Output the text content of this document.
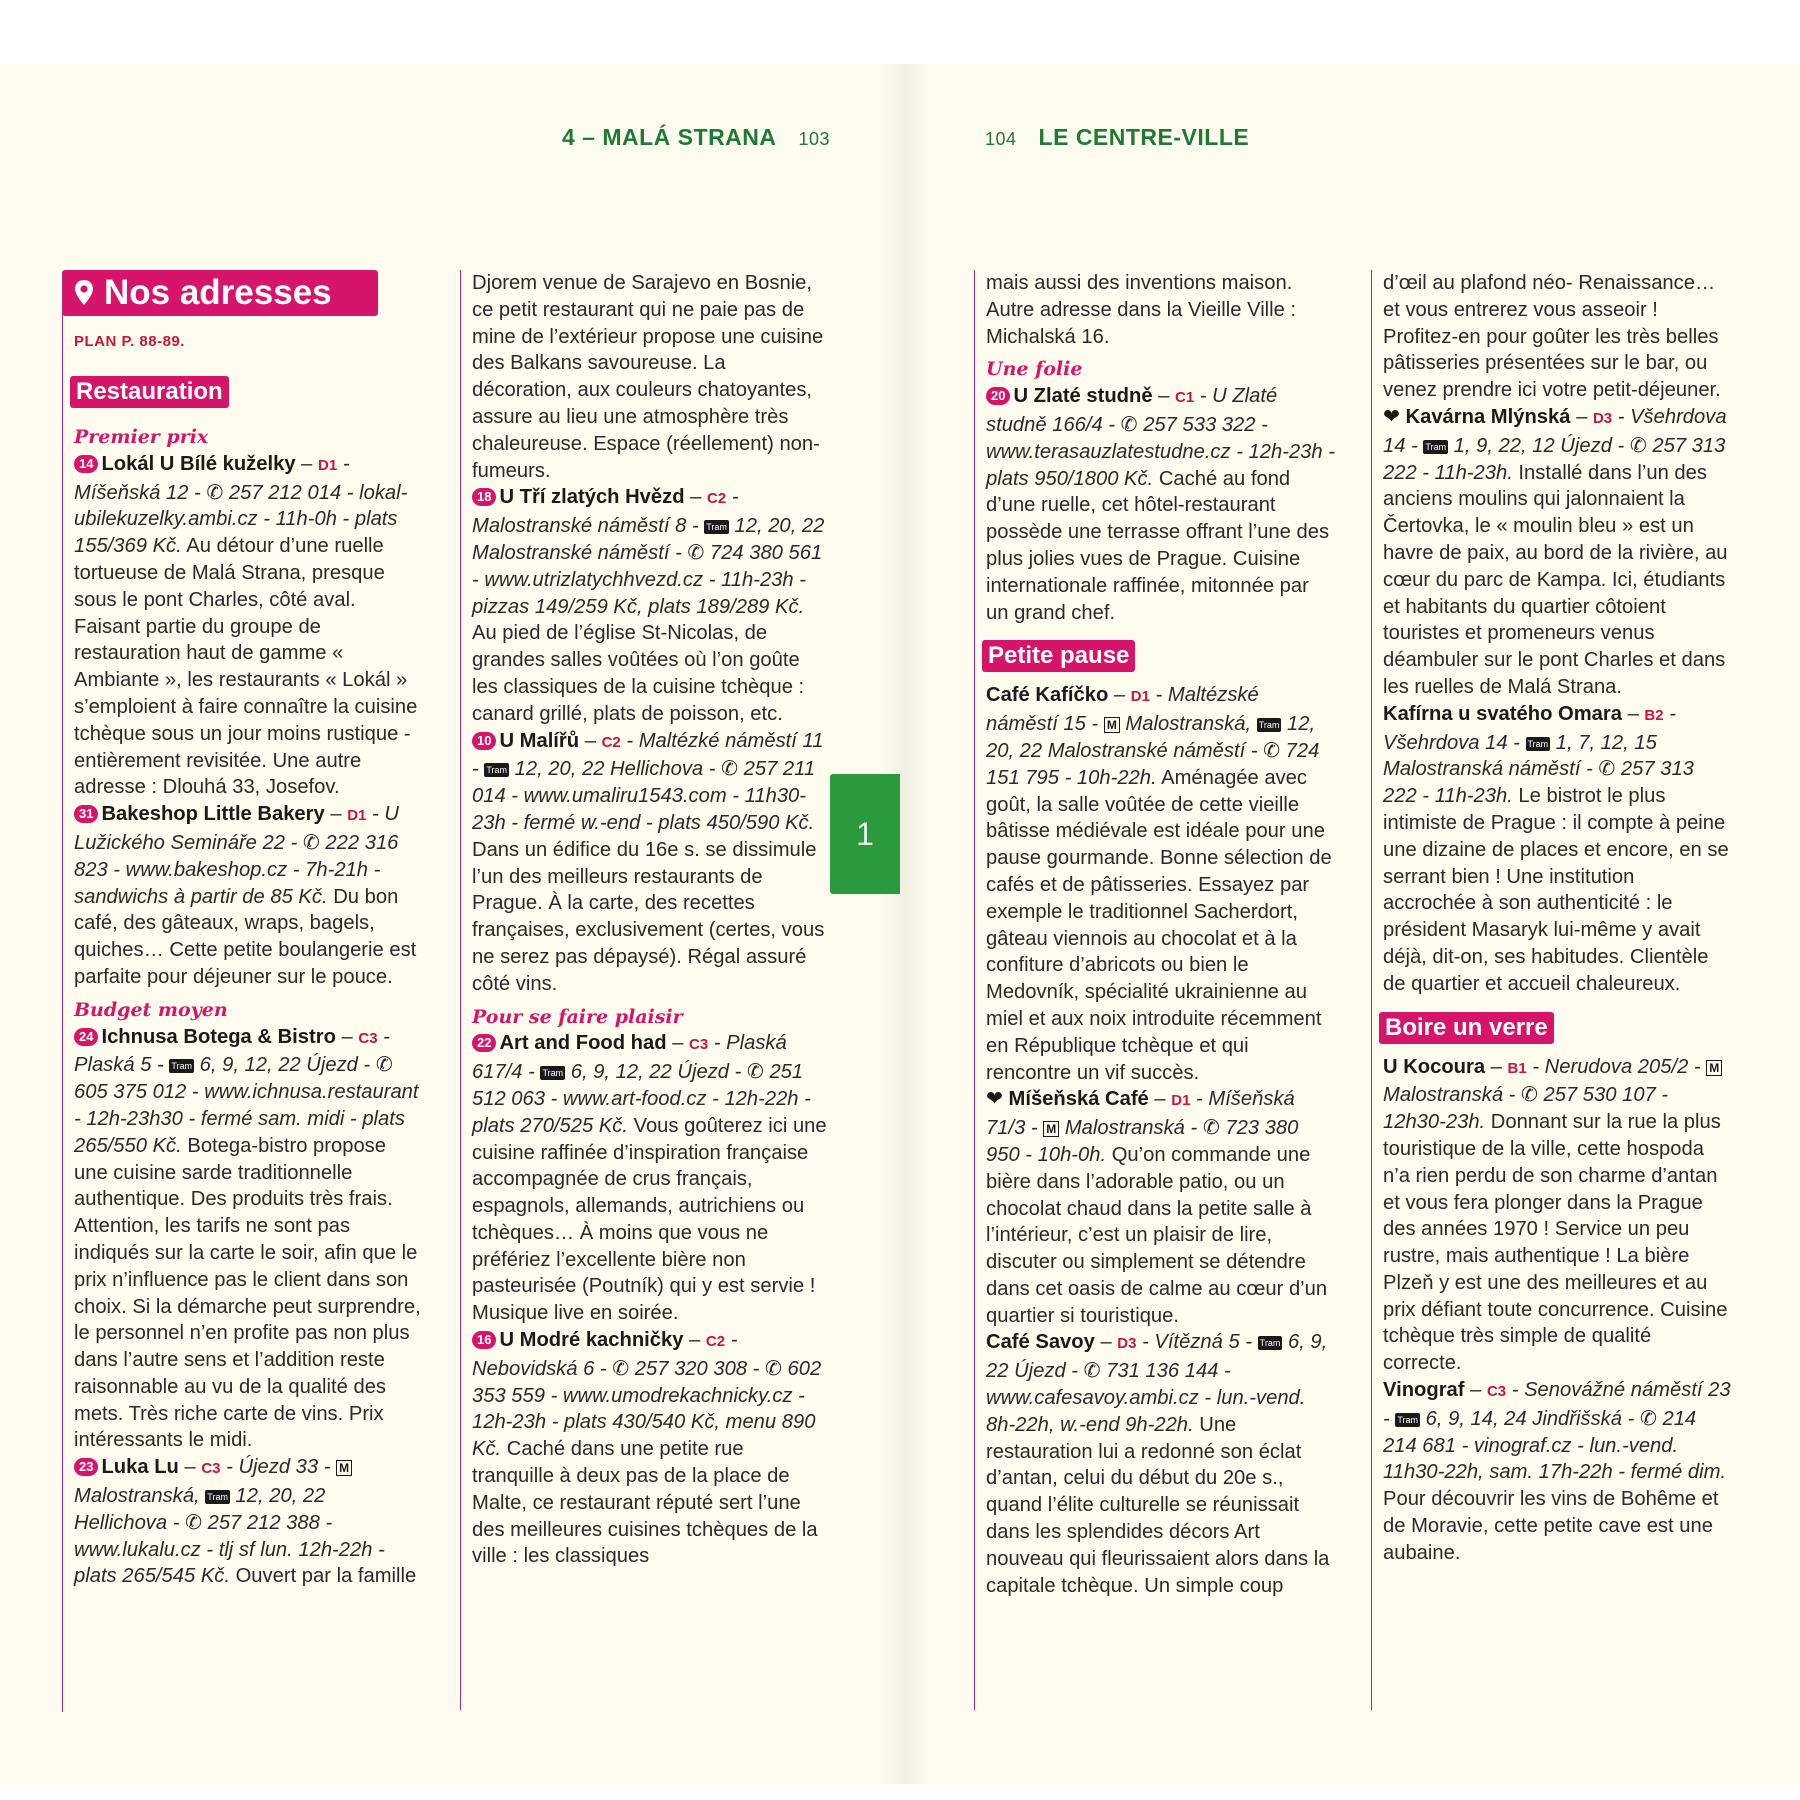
4 – MALÁ STRANA 103	104 LE CENTRE-VILLE
1
Nos adresses
PLAN P. 88-89.
Restauration

Premier prix

14 Lokál U Bílé kuželky – D1 - Míšeňská 12 - ✆ 257 212 014 - lokal-ubilekuzelky.ambi.cz - 11h-0h - plats 155/369 Kč. Au détour d’une ruelle tortueuse de Malá Strana, presque sous le pont Charles, côté aval. Faisant partie du groupe de restauration haut de gamme « Ambiante », les restaurants « Lokál » s’emploient à faire connaître la cuisine tchèque sous un jour moins rustique - entièrement revisitée. Une autre adresse : Dlouhá 33, Josefov.

31 Bakeshop Little Bakery – D1 - U Lužického Semináře 22 - ✆ 222 316 823 - www.bakeshop.cz - 7h-21h - sandwichs à partir de 85 Kč. Du bon café, des gâteaux, wraps, bagels, quiches… Cette petite boulangerie est parfaite pour déjeuner sur le pouce.

Budget moyen

24 Ichnusa Botega & Bistro – C3 - Plaská 5 - Tram 6, 9, 12, 22 Újezd - ✆ 605 375 012 - www.ichnusa.restaurant - 12h-23h30 - fermé sam. midi - plats 265/550 Kč. Botega-bistro propose une cuisine sarde traditionnelle authentique. Des produits très frais. Attention, les tarifs ne sont pas indiqués sur la carte le soir, afin que le prix n’influence pas le client dans son choix. Si la démarche peut surprendre, le personnel n’en profite pas non plus dans l’autre sens et l’addition reste raisonnable au vu de la qualité des mets. Très riche carte de vins. Prix intéressants le midi.

23 Luka Lu – C3 - Újezd 33 - M Malostranská, Tram 12, 20, 22 Hellichova - ✆ 257 212 388 - www.lukalu.cz - tlj sf lun. 12h-22h - plats 265/545 Kč. Ouvert par la famille

Djorem venue de Sarajevo en Bosnie, ce petit restaurant qui ne paie pas de mine de l’extérieur propose une cuisine des Balkans savoureuse. La décoration, aux couleurs chatoyantes, assure au lieu une atmosphère très chaleureuse. Espace (réellement) non-fumeurs.

18 U Tří zlatých Hvězd – C2 - Malostranské náměstí 8 - Tram 12, 20, 22 Malostranské náměstí - ✆ 724 380 561 - www.utrizlatychhvezd.cz - 11h-23h - pizzas 149/259 Kč, plats 189/289 Kč. Au pied de l’église St-Nicolas, de grandes salles voûtées où l’on goûte les classiques de la cuisine tchèque : canard grillé, plats de poisson, etc.

10 U Malířů – C2 - Maltézké náměstí 11 - Tram 12, 20, 22 Hellichova - ✆ 257 211 014 - www.umaliru1543.com - 11h30-23h - fermé w.-end - plats 450/590 Kč. Dans un édifice du 16e s. se dissimule l’un des meilleurs restaurants de Prague. À la carte, des recettes françaises, exclusivement (certes, vous ne serez pas dépaysé). Régal assuré côté vins.

Pour se faire plaisir

22 Art and Food had – C3 - Plaská 617/4 - Tram 6, 9, 12, 22 Újezd - ✆ 251 512 063 - www.art-food.cz - 12h-22h - plats 270/525 Kč. Vous goûterez ici une cuisine raffinée d’inspiration française accompagnée de crus français, espagnols, allemands, autrichiens ou tchèques… À moins que vous ne préfériez l’excellente bière non pasteurisée (Poutník) qui y est servie ! Musique live en soirée.

16 U Modré kachničky – C2 - Nebovidská 6 - ✆ 257 320 308 - ✆ 602 353 559 - www.umodrekachnicky.cz - 12h-23h - plats 430/540 Kč, menu 890 Kč. Caché dans une petite rue tranquille à deux pas de la place de Malte, ce restaurant réputé sert l’une des meilleures cuisines tchèques de la ville : les classiques

mais aussi des inventions maison. Autre adresse dans la Vieille Ville : Michalská 16.

Une folie

20 U Zlaté studně – C1 - U Zlaté studně 166/4 - ✆ 257 533 322 - www.terasauzlatestudne.cz - 12h-23h - plats 950/1800 Kč. Caché au fond d’une ruelle, cet hôtel-restaurant possède une terrasse offrant l’une des plus jolies vues de Prague. Cuisine internationale raffinée, mitonnée par un grand chef.

Petite pause

Café Kafíčko – D1 - Maltézské náměstí 15 - M Malostranská, Tram 12, 20, 22 Malostranské náměstí - ✆ 724 151 795 - 10h-22h. Aménagée avec goût, la salle voûtée de cette vieille bâtisse médiévale est idéale pour une pause gourmande. Bonne sélection de cafés et de pâtisseries. Essayez par exemple le traditionnel Sacherdort, gâteau viennois au chocolat et à la confiture d’abricots ou bien le Medovník, spécialité ukrainienne au miel et aux noix introduite récemment en République tchèque et qui rencontre un vif succès.

❤ Míšeňská Café – D1 - Míšeňská 71/3 - M Malostranská - ✆ 723 380 950 - 10h-0h. Qu’on commande une bière dans l’adorable patio, ou un chocolat chaud dans la petite salle à l’intérieur, c’est un plaisir de lire, discuter ou simplement se détendre dans cet oasis de calme au cœur d’un quartier si touristique.

Café Savoy – D3 - Vítězná 5 - Tram 6, 9, 22 Újezd - ✆ 731 136 144 - www.cafesavoy.ambi.cz - lun.-vend. 8h-22h, w.-end 9h-22h. Une restauration lui a redonné son éclat d’antan, celui du début du 20e s., quand l’élite culturelle se réunissait dans les splendides décors Art nouveau qui fleurissaient alors dans la capitale tchèque. Un simple coup

d’œil au plafond néo- Renaissance… et vous entrerez vous asseoir ! Profitez-en pour goûter les très belles pâtisseries présentées sur le bar, ou venez prendre ici votre petit-déjeuner.

❤ Kavárna Mlýnská – D3 - Všehrdova 14 - Tram 1, 9, 22, 12 Újezd - ✆ 257 313 222 - 11h-23h. Installé dans l’un des anciens moulins qui jalonnaient la Čertovka, le « moulin bleu » est un havre de paix, au bord de la rivière, au cœur du parc de Kampa. Ici, étudiants et habitants du quartier côtoient touristes et promeneurs venus déambuler sur le pont Charles et dans les ruelles de Malá Strana.

Kafírna u svatého Omara – B2 - Všehrdova 14 - Tram 1, 7, 12, 15 Malostranská náměstí - ✆ 257 313 222 - 11h-23h. Le bistrot le plus intimiste de Prague : il compte à peine une dizaine de places et encore, en se serrant bien ! Une institution accrochée à son authenticité : le président Masaryk lui-même y avait déjà, dit-on, ses habitudes. Clientèle de quartier et accueil chaleureux.

Boire un verre

U Kocoura – B1 - Nerudova 205/2 - M Malostranská - ✆ 257 530 107 - 12h30-23h. Donnant sur la rue la plus touristique de la ville, cette hospoda n’a rien perdu de son charme d’antan et vous fera plonger dans la Prague des années 1970 ! Service un peu rustre, mais authentique ! La bière Plzeň y est une des meilleures et au prix défiant toute concurrence. Cuisine tchèque très simple de qualité correcte.

Vinograf – C3 - Senovážné náměstí 23 - Tram 6, 9, 14, 24 Jindřišská - ✆ 214 214 681 - vinograf.cz - lun.-vend. 11h30-22h, sam. 17h-22h - fermé dim. Pour découvrir les vins de Bohême et de Moravie, cette petite cave est une aubaine.
